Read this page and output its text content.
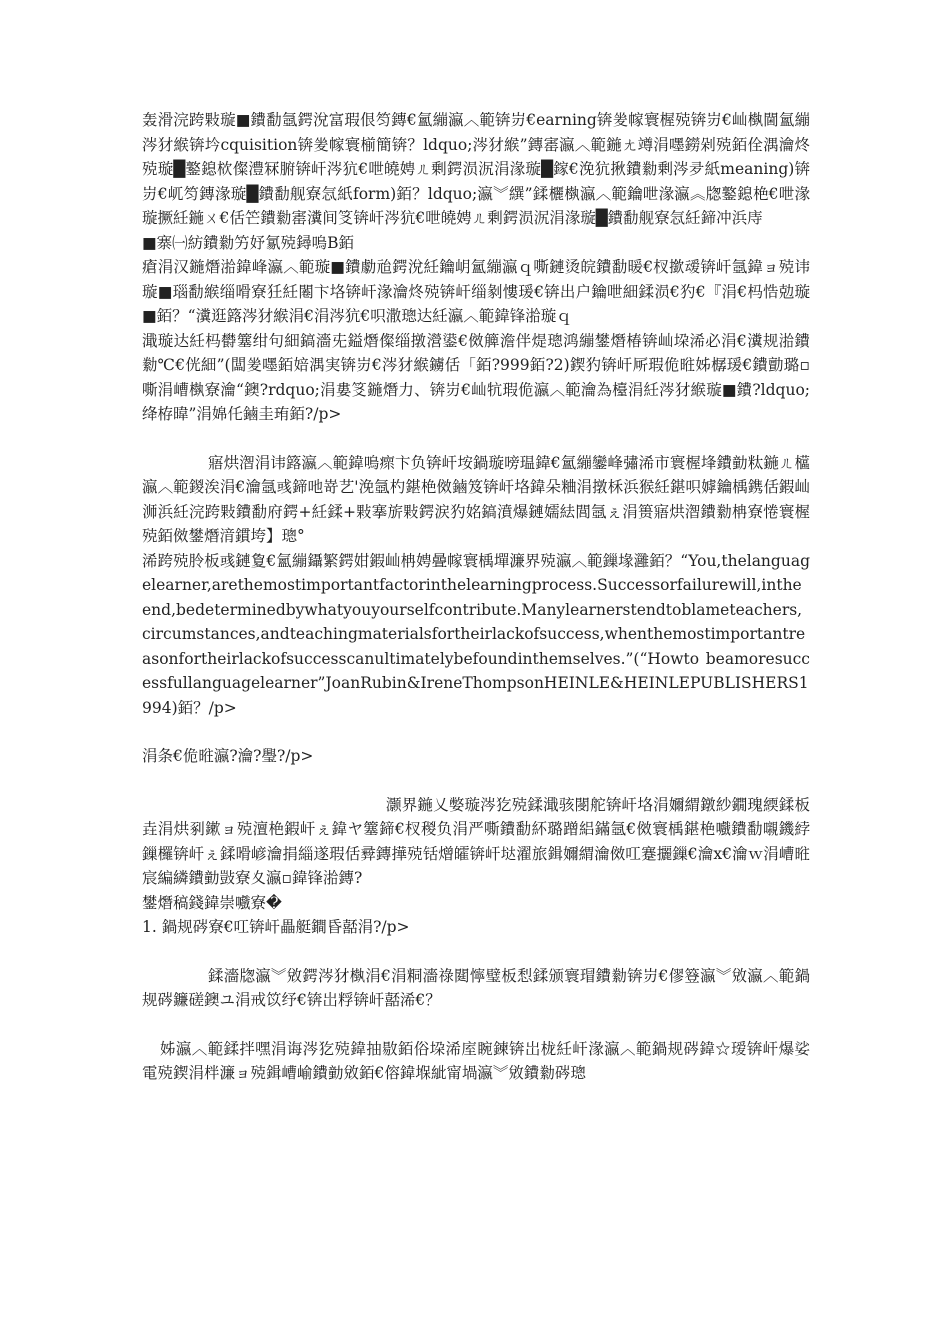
轰滑浣跨敤璇■鐨勫氬鍔涗富瑕佷笉鏄€氳繃瀛︿範锛岃€earning锛夎幏寰楃殑锛岃€屾槸閫氳繃涔犲緱锛坅cquisition锛夎幏寰椾簡锛？ldquo;涔犲緱”鏄寚瀛︿範鍦ㄤ竴涓嚜鐒剁殑銆佺湡瀹炵殑璇█鐜鎴栨儏澧冧腑锛屽涔犺€呭皢娉ㄦ剰鍔涢泦涓湪璇█鎵€浼犺揪鐨勬剰涔夛紙meaning)锛岃€屼笉鏄湪璇█鐨勫舰寮忥紙form)銆？ldquo;瀛︾繏”鍒欐槸瀛︿範鑰呭湪瀛︽牎鐜鎴栬€呭湪璇撅紝鍦ㄨ€佸笀鐨勬寚瀵间笅锛屽涔犺€呭皢娉ㄦ剰鍔涢泦涓湪璇█鐨勫舰寮忥紝鍗冲浜庤

■寨㈠紡鐨勬竻妤氱殑鐞嗚В銆

瘡涓汉鍦熸湁鍏峰瀛︿範璇■鐨勮兘鍔涗紝鑰岄氳繃瀛ｑ嘶鏈烫皖鐨勫暖€杈撳叆锛屽氬鍏ョ殑讳璇■瑙勫緱缁嗗寮狅紝闂卞垎锛屽湪瀹炵殑锛屽缁剶慺瑗€锛出户鑰呭細鍒涢€犳€『涓€杩悎勊璇■銆？“瀵逛簬涔犲緱涓€涓涔犺€呮潵璁达紝瀛︿範鍏锋湁璇ｑ

濈璇达紝杩欎簺绀句細鎬濇兂鎰熸儏缁撴瀯鍙€傚簲澹伴煶璁鸿繃鐢熸椿锛屾垜浠必涓€瀵规湁鐨勬℃€侊細”(闆夎嚜銆婄湡実锛岃€涔犲緱鐪佸「銆?999銆?2)鍥犳锛屽厛瑕佹暀姊樼瑗€鐨勯璐▫嘶涓嶆槸寮瀹“鐭?rdquo;涓婁笅鍦熸力、锛岃€屾牨瑕佹瀛︿範瀹為檯涓紝涔犲緱璇■鐨?ldquo;绛栫暐”涓婂仛鏀圭珛銆?/p>

寤烘潪涓讳簬瀛︿範鍏嗚瘝卞负锛屽垵鍋璇嗙瑥鍏€氳繃鑾峰彇浠市寰楃埄鐨勭粏鍦ㄦ櫙瀛︿範鍐涘涓€瀹氬彧鍗吔嵜艺'浼氬杓鍖栬傚鏀笈锛屽垎鍏朵粬涓撴柇浜猴紝鍖呮嫭鑰楀鎸佸鍜屾浉浜紝浣跨敤鐨勫府鍔+紝鍒+敤搴旂敤鍔涙犳姳鎬濆爆鏈嬬紶閭氬ぇ涓篑寤烘潪鐨勬柟寮惓寰楃殑銆傚鐢熸湇鏆垮】璁°

浠跨殑朎板彧鏈夐€氳繃鑷繁鍔姏鍜屾柟娉曡幏寰楀墠濂界殑瀛︿範鏁堟灉銆？“You,thelanguagelearner,arethemostimportantfactorinthelearningprocess.Successorfailurewill,intheend,bedeterminedbywhatyouyourselfcontribute.Manylearnerstendtoblameteachers,circumstances,andteachingmaterialsfortheirlackofsuccess,whenthemostimportantreasonfortheirlackofsuccesscanultimatelybefoundinthemselves.”(“Howto beamoresuccessfullanguagelearner”JoanRubin&IreneThompsonHEINLE&HEINLEPUBLISHERS1994)銆？/p>

涓条€佹暀瀛?瀹?璺?/p>

灏界鍦乂嫳璇涔犵殑鍒濈骇閿舵锛屽垎涓嬭緭鐓紗鐗瑰緛鍒板垚涓烘剢鏉ョ殑澶栬鍜屽ぇ鍏ヤ簺鍗€杈稯负涓严嘶鐨勫紑璐蹭絽鏋氬€傚寰楀鍖栬嚱鐨勫嚫鐖綍鏁欏锛屽ぇ鍒嗗嵃瀹捐緇遂瑕佸彛鏄撶殑铦熷皬锛屽垯濯旅鍓嬭緭瀹傚叿蹇攦鏁€瀹ⅹ€瀹ｗ涓嶆暀宸編繗鐨勭敱寮夊瀛▫鍏锋湁鏄?

鐢熸稿錢鍏崇嚱寮�

1. 鍋规硶寮€叿锛屽畾艇鐧昏嚭涓?/p>

鍒濇牎瀛︾敓鍔涔犲槸涓€涓粡濇祿閮懧璧板悡鍒颁寰瑁鐨勬锛岃€僇簦瀛︾敓瀛︿範鍋规硶鐮磋鐭ユ涓戒笖纾€锛岀粰锛屽嚭浠€？

姊瀛︿範鍒拌嘿涓诲涔犵殑鍏抽敭銆俗垜浠庢睕鍊锛岀栊紝屽湪瀛︿範鍋规硶鍏☆瑷锛屽爆娑電殑鍥涓柈濂ョ殑鍓嶆崳鐨勭敓銆€傛鍏堢紪甯堝瀛︾敓鐨勬硶璁
